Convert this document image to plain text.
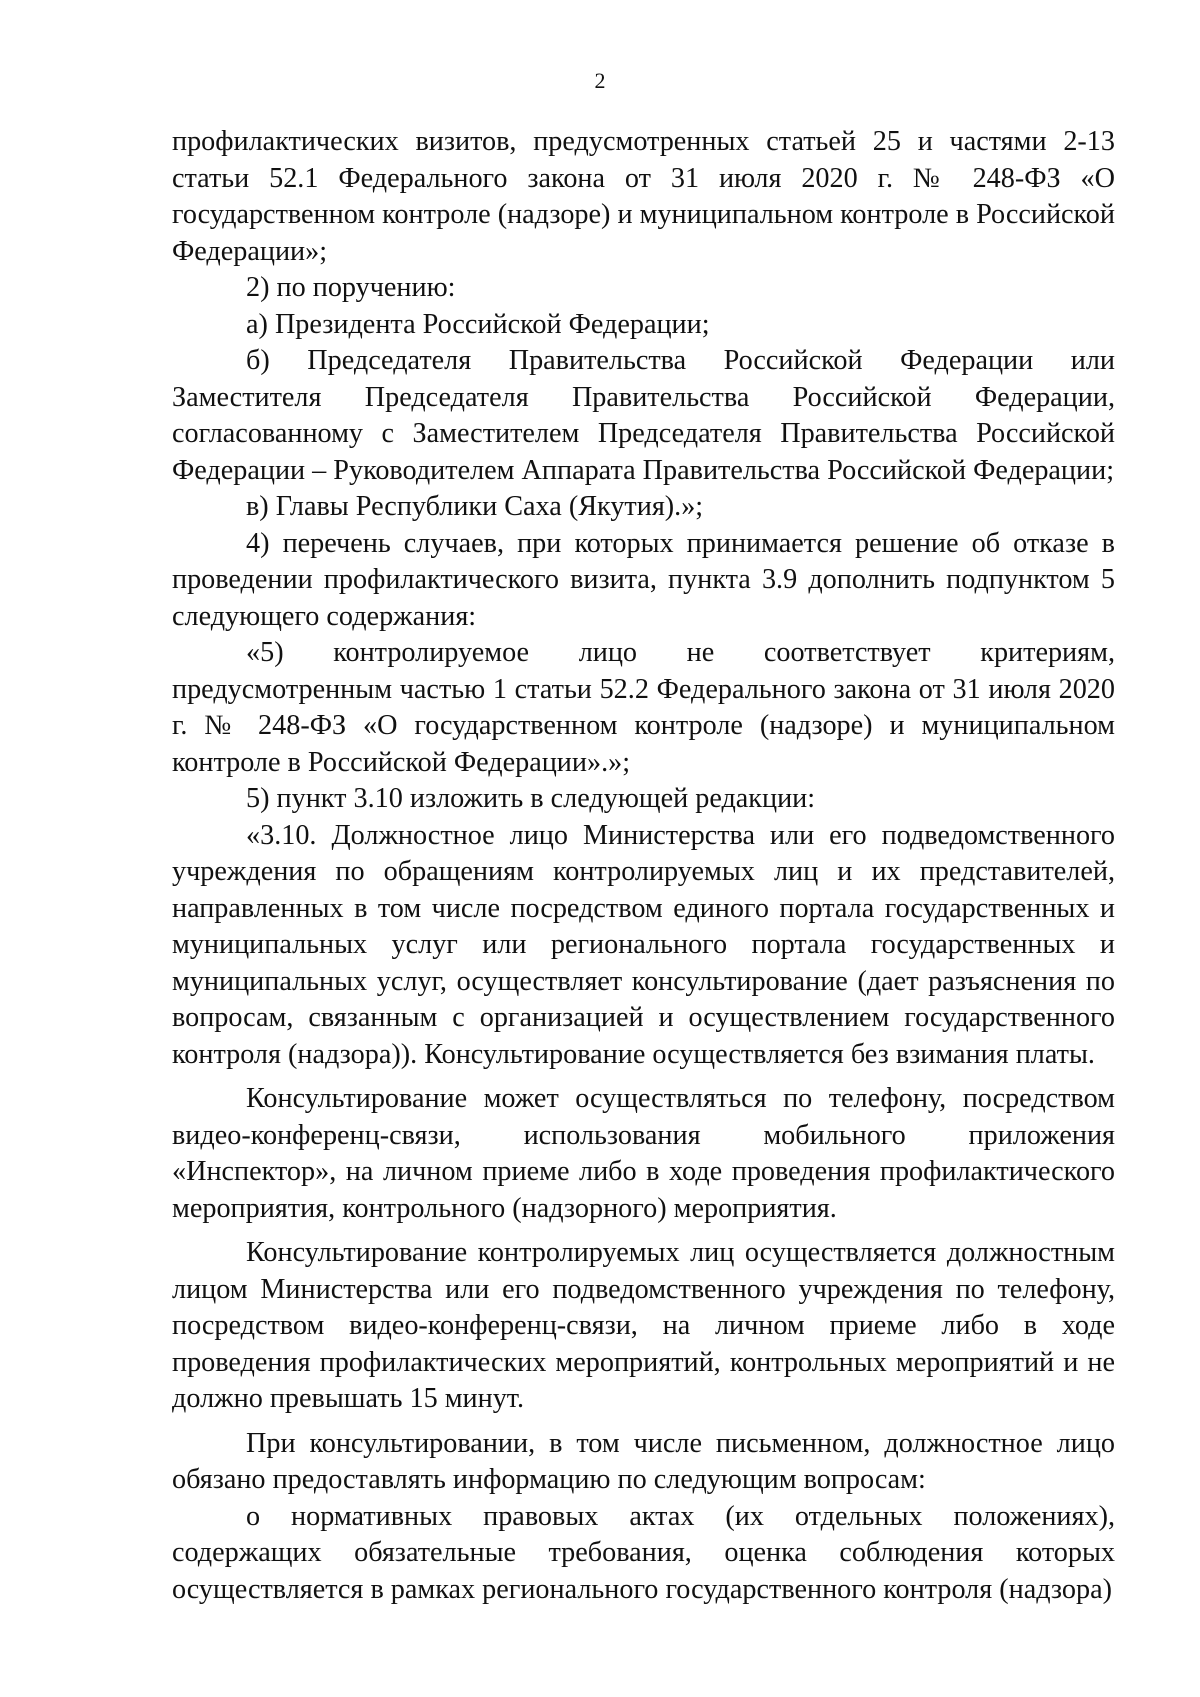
2

профилактических визитов, предусмотренных статьей 25 и частями 2-13 статьи 52.1 Федерального закона от 31 июля 2020 г. № 248-ФЗ «О государственном контроле (надзоре) и муниципальном контроле в Российской Федерации»;

2) по поручению:

а) Президента Российской Федерации;

б) Председателя Правительства Российской Федерации или Заместителя Председателя Правительства Российской Федерации, согласованному с Заместителем Председателя Правительства Российской Федерации – Руководителем Аппарата Правительства Российской Федерации;

в) Главы Республики Саха (Якутия).»;

4) перечень случаев, при которых принимается решение об отказе в проведении профилактического визита, пункта 3.9 дополнить подпунктом 5 следующего содержания:

«5) контролируемое лицо не соответствует критериям, предусмотренным частью 1 статьи 52.2 Федерального закона от 31 июля 2020 г. № 248-ФЗ «О государственном контроле (надзоре) и муниципальном контроле в Российской Федерации».»;

5) пункт 3.10 изложить в следующей редакции:

«3.10. Должностное лицо Министерства или его подведомственного учреждения по обращениям контролируемых лиц и их представителей, направленных в том числе посредством единого портала государственных и муниципальных услуг или регионального портала государственных и муниципальных услуг, осуществляет консультирование (дает разъяснения по вопросам, связанным с организацией и осуществлением государственного контроля (надзора)). Консультирование осуществляется без взимания платы.

Консультирование может осуществляться по телефону, посредством видео-конференц-связи, использования мобильного приложения «Инспектор», на личном приеме либо в ходе проведения профилактического мероприятия, контрольного (надзорного) мероприятия.

Консультирование контролируемых лиц осуществляется должностным лицом Министерства или его подведомственного учреждения по телефону, посредством видео-конференц-связи, на личном приеме либо в ходе проведения профилактических мероприятий, контрольных мероприятий и не должно превышать 15 минут.

При консультировании, в том числе письменном, должностное лицо обязано предоставлять информацию по следующим вопросам:

о нормативных правовых актах (их отдельных положениях), содержащих обязательные требования, оценка соблюдения которых осуществляется в рамках регионального государственного контроля (надзора)
